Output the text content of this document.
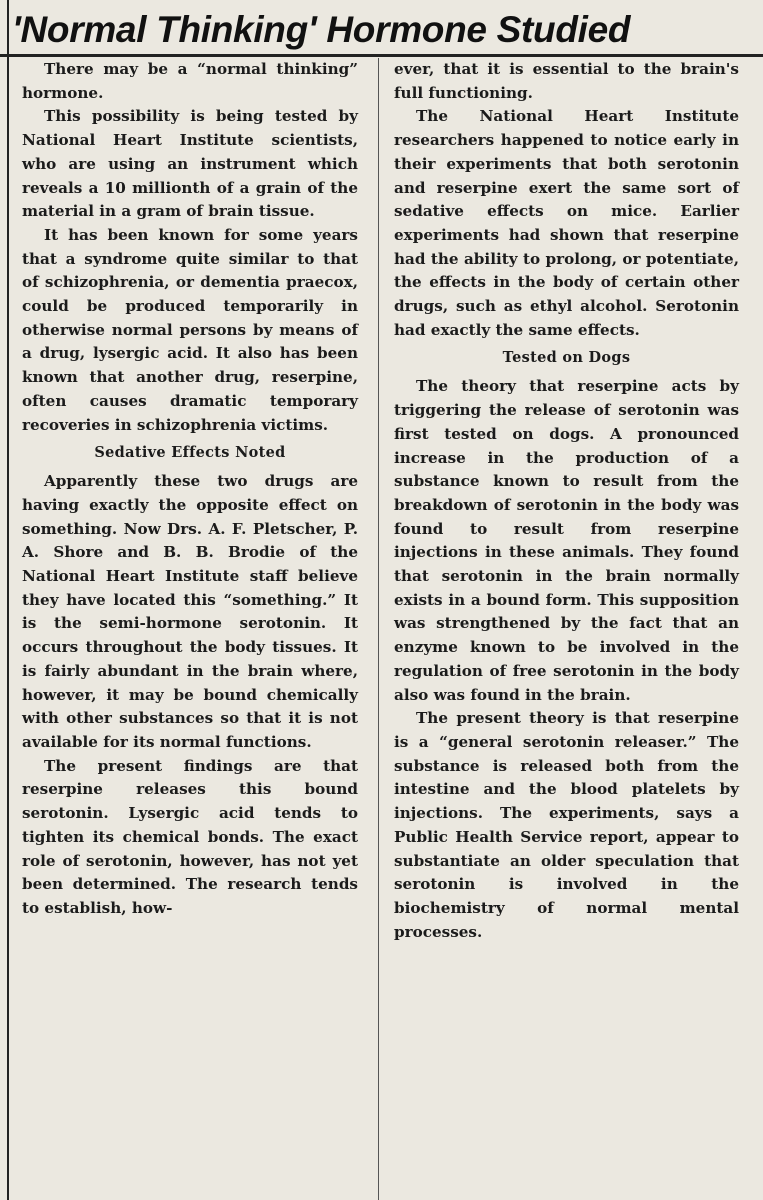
'Normal Thinking' Hormone Studied

There may be a “normal thinking” hormone.

This possibility is being tested by National Heart Institute scientists, who are using an instrument which reveals a 10 millionth of a grain of the material in a gram of brain tissue.

It has been known for some years that a syndrome quite similar to that of schizophrenia, or dementia praecox, could be produced temporarily in otherwise normal persons by means of a drug, lysergic acid. It also has been known that another drug, reserpine, often causes dramatic temporary recoveries in schizophrenia victims.

Sedative Effects Noted

Apparently these two drugs are having exactly the opposite effect on something. Now Drs. A. F. Pletscher, P. A. Shore and B. B. Brodie of the National Heart Institute staff believe they have located this “something.” It is the semi-hormone serotonin. It occurs throughout the body tissues. It is fairly abundant in the brain where, however, it may be bound chemically with other substances so that it is not available for its normal functions.

The present findings are that reserpine releases this bound serotonin. Lysergic acid tends to tighten its chemical bonds. The exact role of serotonin, however, has not yet been determined. The research tends to establish, how-

ever, that it is essential to the brain's full functioning.

The National Heart Institute researchers happened to notice early in their experiments that both serotonin and reserpine exert the same sort of sedative effects on mice. Earlier experiments had shown that reserpine had the ability to prolong, or potentiate, the effects in the body of certain other drugs, such as ethyl alcohol. Serotonin had exactly the same effects.

Tested on Dogs

The theory that reserpine acts by triggering the release of serotonin was first tested on dogs. A pronounced increase in the production of a substance known to result from the breakdown of serotonin in the body was found to result from reserpine injections in these animals. They found that serotonin in the brain normally exists in a bound form. This supposition was strengthened by the fact that an enzyme known to be involved in the regulation of free serotonin in the body also was found in the brain.

The present theory is that reserpine is a “general serotonin releaser.” The substance is released both from the intestine and the blood platelets by injections. The experiments, says a Public Health Service report, appear to substantiate an older speculation that serotonin is involved in the biochemistry of normal mental processes.
